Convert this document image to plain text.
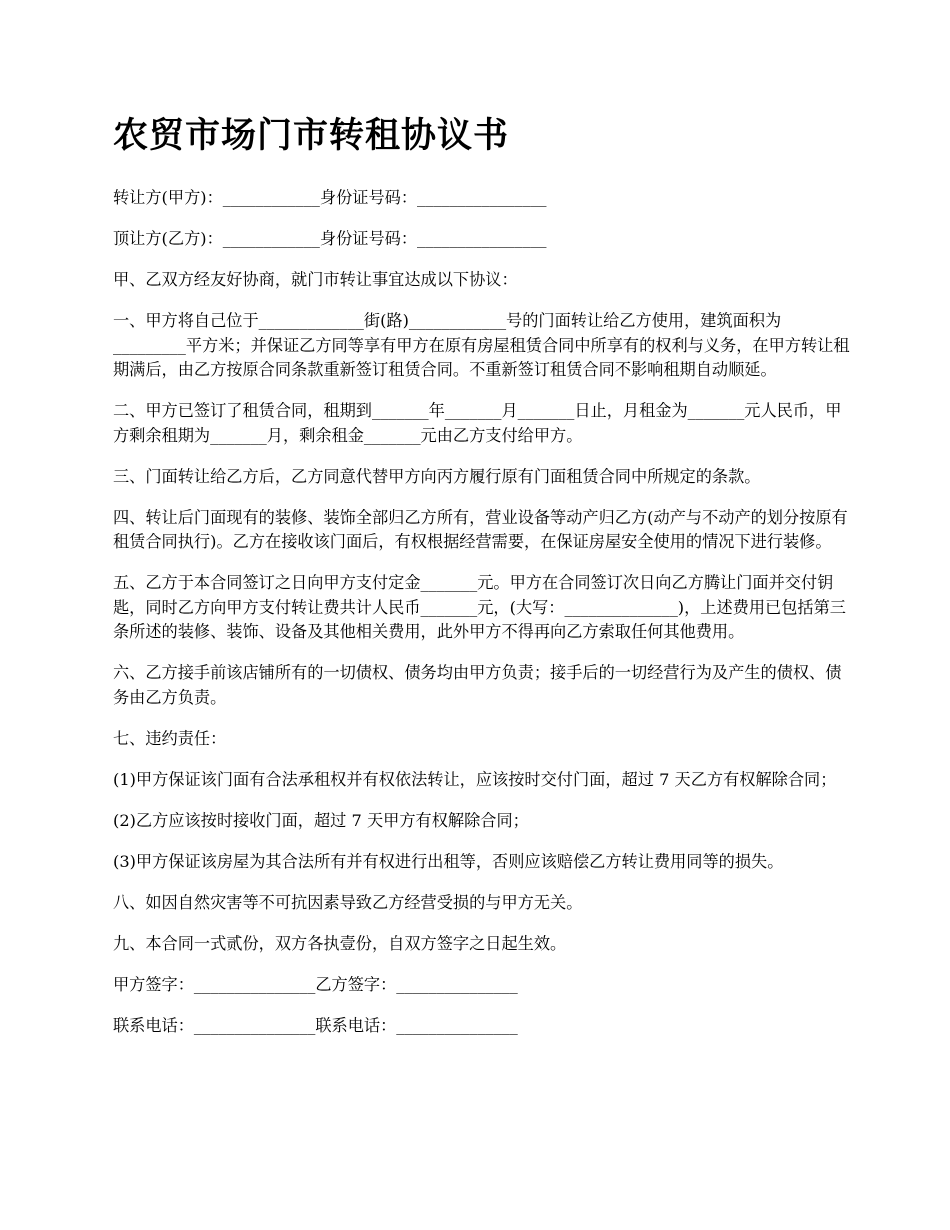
农贸市场门市转租协议书

转让方(甲方)：____________身份证号码：________________

顶让方(乙方)：____________身份证号码：________________

甲、乙双方经友好协商，就门市转让事宜达成以下协议：

一、甲方将自己位于_____________街(路)____________号的门面转让给乙方使用，建筑面积为_________平方米；并保证乙方同等享有甲方在原有房屋租赁合同中所享有的权利与义务，在甲方转让租期满后，由乙方按原合同条款重新签订租赁合同。不重新签订租赁合同不影响租期自动顺延。

二、甲方已签订了租赁合同，租期到_______年_______月_______日止，月租金为_______元人民币，甲方剩余租期为_______月，剩余租金_______元由乙方支付给甲方。

三、门面转让给乙方后，乙方同意代替甲方向丙方履行原有门面租赁合同中所规定的条款。

四、转让后门面现有的装修、装饰全部归乙方所有，营业设备等动产归乙方(动产与不动产的划分按原有租赁合同执行)。乙方在接收该门面后，有权根据经营需要，在保证房屋安全使用的情况下进行装修。

五、乙方于本合同签订之日向甲方支付定金_______元。甲方在合同签订次日向乙方腾让门面并交付钥匙，同时乙方向甲方支付转让费共计人民币_______元，(大写：______________)，上述费用已包括第三条所述的装修、装饰、设备及其他相关费用，此外甲方不得再向乙方索取任何其他费用。

六、乙方接手前该店铺所有的一切债权、债务均由甲方负责；接手后的一切经营行为及产生的债权、债务由乙方负责。

七、违约责任：

(1)甲方保证该门面有合法承租权并有权依法转让，应该按时交付门面，超过 7 天乙方有权解除合同；

(2)乙方应该按时接收门面，超过 7 天甲方有权解除合同；

(3)甲方保证该房屋为其合法所有并有权进行出租等，否则应该赔偿乙方转让费用同等的损失。

八、如因自然灾害等不可抗因素导致乙方经营受损的与甲方无关。

九、本合同一式贰份，双方各执壹份，自双方签字之日起生效。

甲方签字：_______________乙方签字：_______________

联系电话：_______________联系电话：_______________
